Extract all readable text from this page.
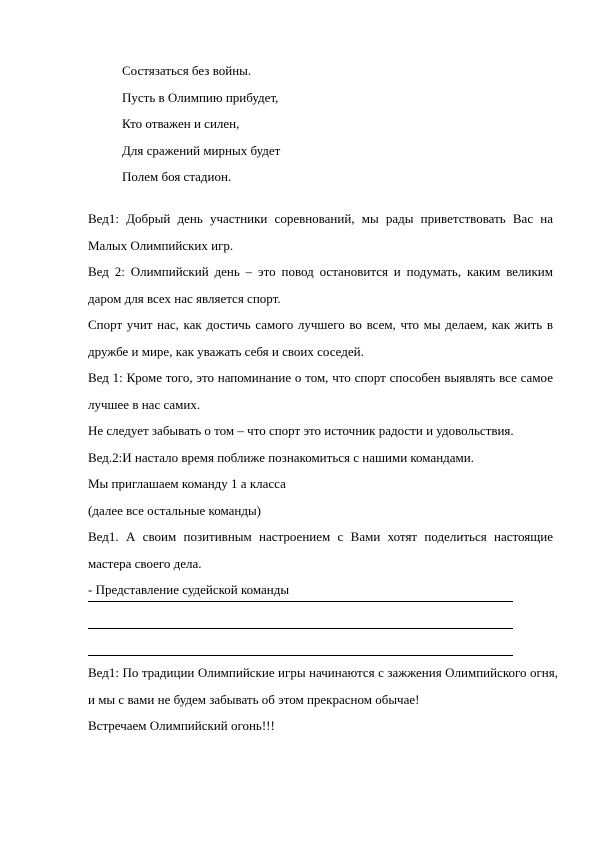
Состязаться без войны.
Пусть в Олимпию прибудет,
Кто отважен и силен,
Для сражений мирных будет
Полем боя стадион.

Вед1: Добрый день участники соревнований, мы рады приветствовать Вас на Малых Олимпийских игр.

Вед 2: Олимпийский день – это повод остановится и подумать, каким великим даром для всех нас является спорт.

Спорт учит нас, как достичь самого лучшего во всем, что мы делаем, как жить в дружбе и мире, как уважать себя и своих соседей.

Вед 1: Кроме того, это напоминание о том, что спорт способен выявлять все самое лучшее в нас самих.

Не следует забывать о том – что спорт это источник радости и удовольствия.

Вед.2:И настало время поближе познакомиться с нашими командами.

Мы приглашаем команду 1 а класса

(далее все остальные команды)

Вед1. А своим позитивным настроением с Вами хотят поделиться настоящие мастера своего дела.

- Представление судейской команды

Вед1: По традиции Олимпийские игры начинаются с зажжения Олимпийского огня, и мы с вами не будем забывать об этом прекрасном обычае!

Встречаем Олимпийский огонь!!!
